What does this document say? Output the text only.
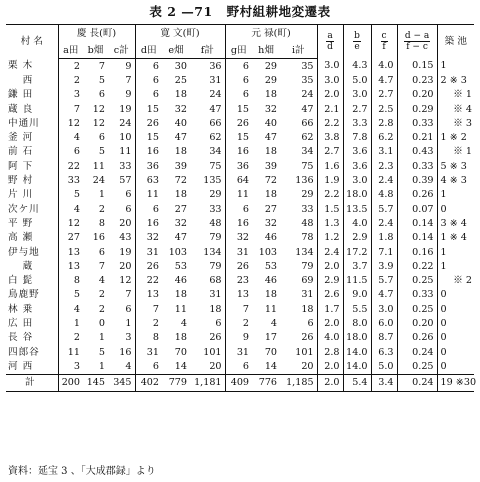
表 2 —71 野村組耕地変遷表
村 名	慶 長(町)			寛 文(町)			元 禄(町)			$\frac{a}{d}$	$\frac{b}{e}$	$\frac{c}{f}$	$\frac{d - a}{f - c}$	築 池
	a田	b畑	c計	d田	e畑	f計	g田	h畑	i計					
栗 木	2	7	9	6	30	36	6	29	35	3.0	4.3	4.0	0.15	1
　 西	2	5	7	6	25	31	6	29	35	3.0	5.0	4.7	0.23	2 ※ 3
鎌 田	3	6	9	6	18	24	6	18	24	2.0	3.0	2.7	0.20	　 ※ 1
蔵 良	7	12	19	15	32	47	15	32	47	2.1	2.7	2.5	0.29	　 ※ 4
中通川	12	12	24	26	40	66	26	40	66	2.2	3.3	2.8	0.33	　 ※ 3
釜 河	4	6	10	15	47	62	15	47	62	3.8	7.8	6.2	0.21	1 ※ 2
前 石	6	5	11	16	18	34	16	18	34	2.7	3.6	3.1	0.43	　 ※ 1
阿 下	22	11	33	36	39	75	36	39	75	1.6	3.6	2.3	0.33	5 ※ 3
野 村	33	24	57	63	72	135	64	72	136	1.9	3.0	2.4	0.39	4 ※ 3
片 川	5	1	6	11	18	29	11	18	29	2.2	18.0	4.8	0.26	1
次ケ川	4	2	6	6	27	33	6	27	33	1.5	13.5	5.7	0.07	0
平 野	12	8	20	16	32	48	16	32	48	1.3	4.0	2.4	0.14	3 ※ 4
高 瀬	27	16	43	32	47	79	32	46	78	1.2	2.9	1.8	0.14	1 ※ 4
伊与地	13	6	19	31	103	134	31	103	134	2.4	17.2	7.1	0.16	1
　 蔵	13	7	20	26	53	79	26	53	79	2.0	3.7	3.9	0.22	1
白 髭	8	4	12	22	46	68	23	46	69	2.9	11.5	5.7	0.25	　 ※ 2
鳥鹿野	5	2	7	13	18	31	13	18	31	2.6	9.0	4.7	0.33	0
林 乗	4	2	6	7	11	18	7	11	18	1.7	5.5	3.0	0.25	0
広 田	1	0	1	2	4	6	2	4	6	2.0	8.0	6.0	0.20	0
長 谷	2	1	3	8	18	26	9	17	26	4.0	18.0	8.7	0.26	0
四郎谷	11	5	16	31	70	101	31	70	101	2.8	14.0	6.3	0.24	0
河 西	3	1	4	6	14	20	6	14	20	2.0	14.0	5.0	0.25	0
計	200	145	345	402	779	1,181	409	776	1,185	2.0	5.4	3.4	0.24	19 ※30
資料：延宝 3 、「大成郡録」より
